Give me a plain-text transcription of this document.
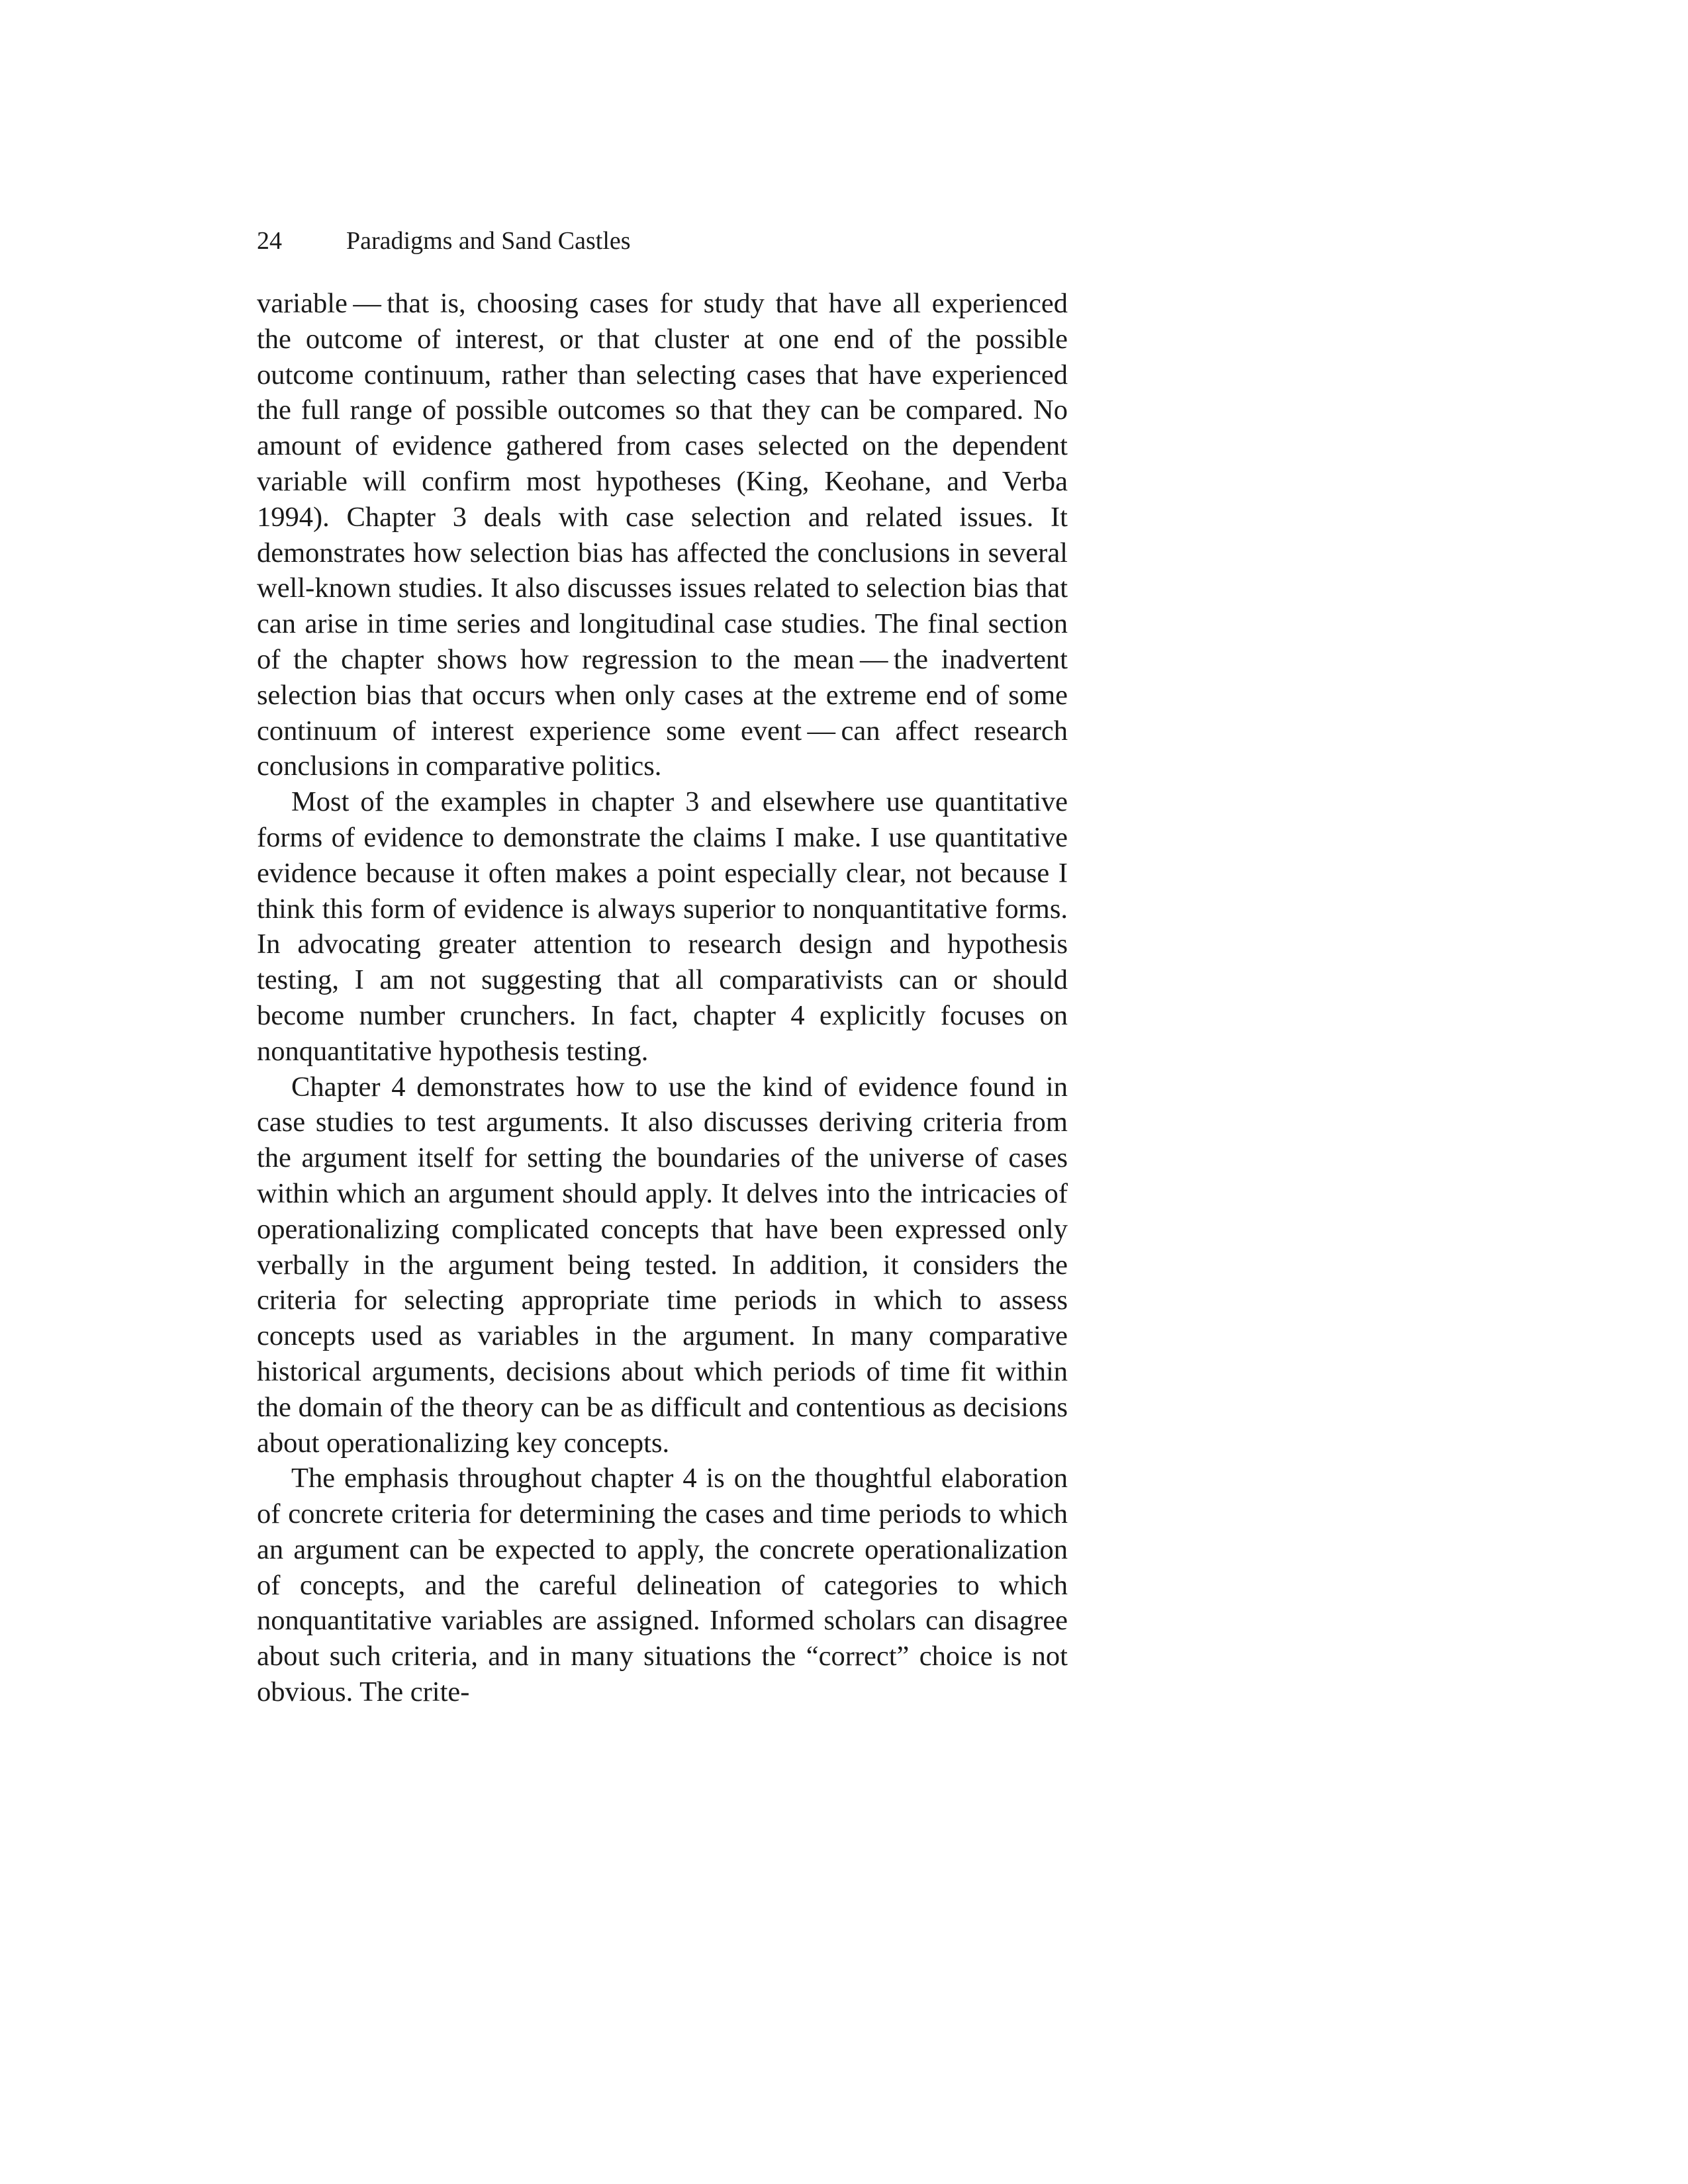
24	Paradigms and Sand Castles

variable — that is, choosing cases for study that have all experienced the outcome of interest, or that cluster at one end of the possible outcome continuum, rather than selecting cases that have experienced the full range of possible outcomes so that they can be compared. No amount of evidence gathered from cases selected on the dependent variable will confirm most hypotheses (King, Keohane, and Verba 1994). Chapter 3 deals with case selection and related issues. It demonstrates how selection bias has affected the conclusions in several well-known studies. It also discusses issues related to selection bias that can arise in time series and longitudinal case studies. The final section of the chapter shows how regression to the mean — the inadvertent selection bias that occurs when only cases at the extreme end of some continuum of interest experience some event — can affect research conclusions in comparative politics.

Most of the examples in chapter 3 and elsewhere use quantitative forms of evidence to demonstrate the claims I make. I use quantitative evidence because it often makes a point especially clear, not because I think this form of evidence is always superior to nonquantitative forms. In advocating greater attention to research design and hypothesis testing, I am not suggesting that all comparativists can or should become number crunchers. In fact, chapter 4 explicitly focuses on nonquantitative hypothesis testing.

Chapter 4 demonstrates how to use the kind of evidence found in case studies to test arguments. It also discusses deriving criteria from the argument itself for setting the boundaries of the universe of cases within which an argument should apply. It delves into the intricacies of operationalizing complicated concepts that have been expressed only verbally in the argument being tested. In addition, it considers the criteria for selecting appropriate time periods in which to assess concepts used as variables in the argument. In many comparative historical arguments, decisions about which periods of time fit within the domain of the theory can be as difficult and contentious as decisions about operationalizing key concepts.

The emphasis throughout chapter 4 is on the thoughtful elaboration of concrete criteria for determining the cases and time periods to which an argument can be expected to apply, the concrete operationalization of concepts, and the careful delineation of categories to which nonquantitative variables are assigned. Informed scholars can disagree about such criteria, and in many situations the “correct” choice is not obvious. The crite-
